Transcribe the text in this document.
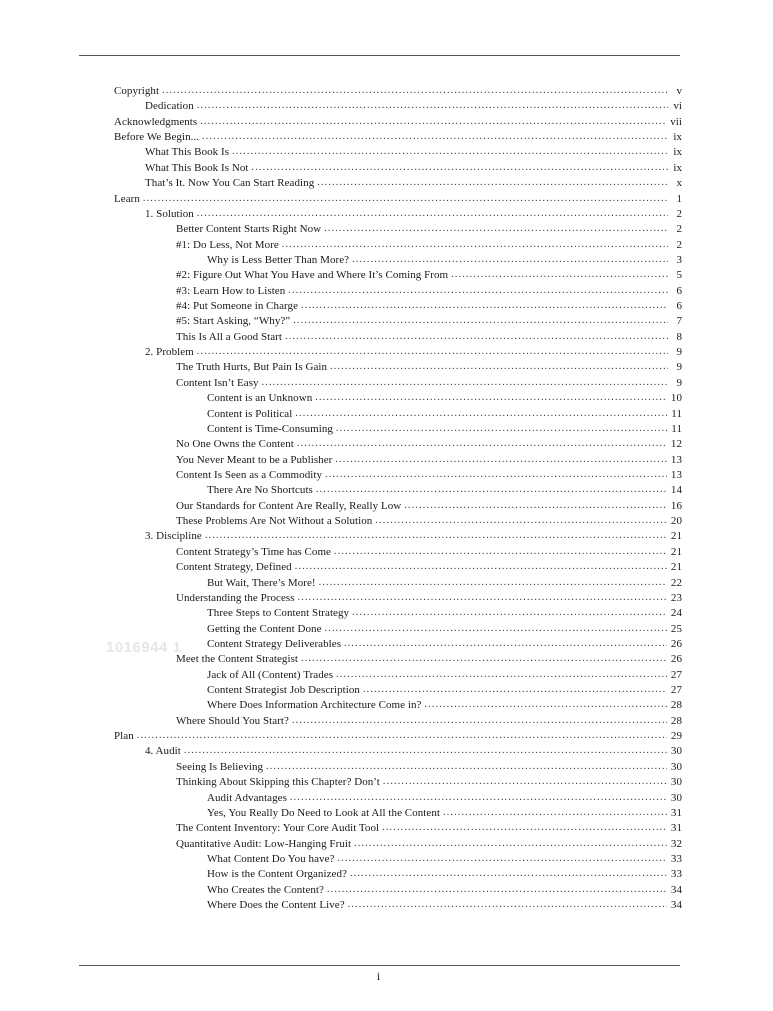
1016944 1
Copyright .....	v
Dedication .....	vi
Acknowledgments .....	vii
Before We Begin... .....	ix
What This Book Is .....	ix
What This Book Is Not .....	ix
That’s It. Now You Can Start Reading .....	x
Learn .....	1
1. Solution .....	2
Better Content Starts Right Now .....	2
#1: Do Less, Not More .....	2
Why is Less Better Than More? .....	3
#2: Figure Out What You Have and Where It’s Coming From .....	5
#3: Learn How to Listen .....	6
#4: Put Someone in Charge .....	6
#5: Start Asking, “Why?” .....	7
This Is All a Good Start .....	8
2. Problem .....	9
The Truth Hurts, But Pain Is Gain .....	9
Content Isn’t Easy .....	9
Content is an Unknown .....	10
Content is Political .....	11
Content is Time-Consuming .....	11
No One Owns the Content .....	12
You Never Meant to be a Publisher .....	13
Content Is Seen as a Commodity .....	13
There Are No Shortcuts .....	14
Our Standards for Content Are Really, Really Low .....	16
These Problems Are Not Without a Solution .....	20
3. Discipline .....	21
Content Strategy’s Time has Come .....	21
Content Strategy, Defined .....	21
But Wait, There’s More! .....	22
Understanding the Process .....	23
Three Steps to Content Strategy .....	24
Getting the Content Done .....	25
Content Strategy Deliverables .....	26
Meet the Content Strategist .....	26
Jack of All (Content) Trades .....	27
Content Strategist Job Description .....	27
Where Does Information Architecture Come in? .....	28
Where Should You Start? .....	28
Plan .....	29
4. Audit .....	30
Seeing Is Believing .....	30
Thinking About Skipping this Chapter? Don’t .....	30
Audit Advantages .....	30
Yes, You Really Do Need to Look at All the Content .....	31
The Content Inventory: Your Core Audit Tool .....	31
Quantitative Audit: Low-Hanging Fruit .....	32
What Content Do You have? .....	33
How is the Content Organized? .....	33
Who Creates the Content? .....	34
Where Does the Content Live? .....	34
i
